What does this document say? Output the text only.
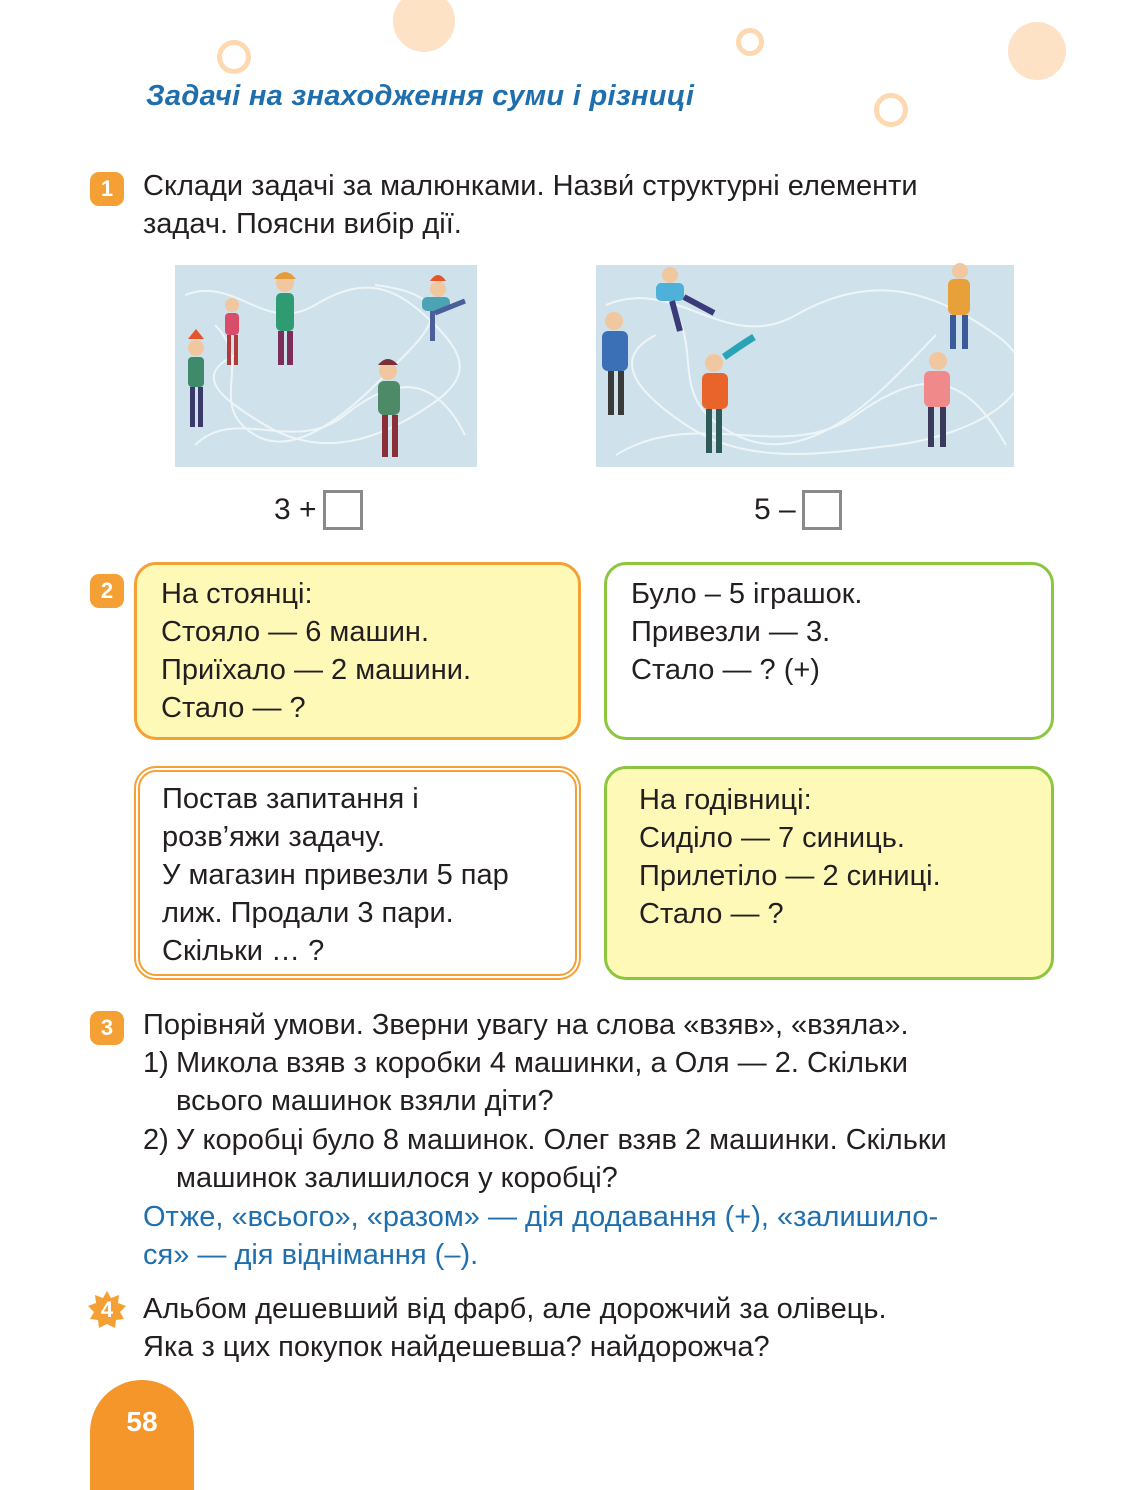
Задачі на знаходження суми і різниці
1	Склади задачі за малюнками. Назви́ структурні елементи
задач. Поясни вибір дії.
3 +	5 –
2	На стоянці:
Стояло — 6 машин.
Приїхало — 2 машини.
Стало — ?
Було – 5 іграшок.
Привезли — 3.
Стало — ? (+)
Постав запитання і
розв’яжи задачу.
У магазин привезли 5 пар
лиж. Продали 3 пари.
Скільки … ?
На годівниці:
Сиділо — 7 синиць.
Прилетіло — 2 синиці.
Стало — ?
3	Порівняй умови. Зверни увагу на слова «взяв», «взяла».
1) Микола взяв з коробки 4 машинки, а Оля — 2. Скільки
всього машинок взяли діти?
2) У коробці було 8 машинок. Олег взяв 2 машинки. Скільки
машинок залишилося у коробці?
Отже, «всього», «разом» — дія додавання (+), «залишило-
ся» — дія віднімання (–).
4	Альбом дешевший від фарб, але дорожчий за олівець.
Яка з цих покупок найдешевша? найдорожча?
58
